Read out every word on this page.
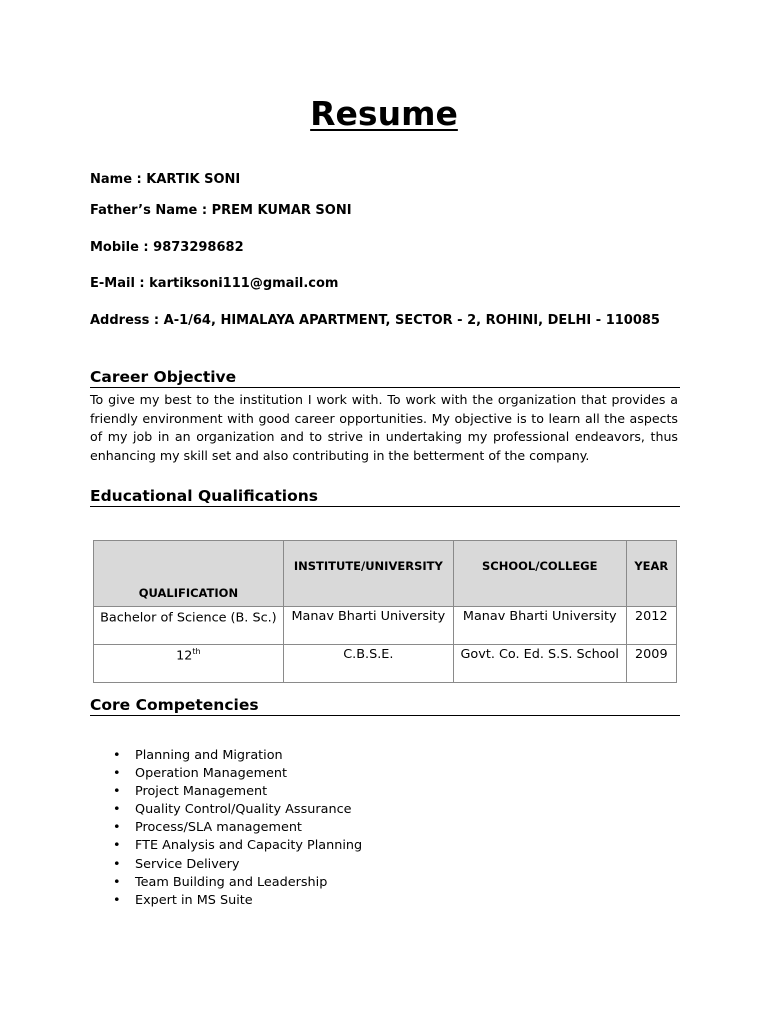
Resume
Name : KARTIK SONI
Father’s Name : PREM KUMAR SONI
Mobile : 9873298682
E-Mail : kartiksoni111@gmail.com
Address : A-1/64, HIMALAYA APARTMENT, SECTOR - 2, ROHINI, DELHI - 110085
Career Objective
To give my best to the institution I work with. To work with the organization that provides a friendly environment with good career opportunities. My objective is to learn all the aspects of my job in an organization and to strive in undertaking my professional endeavors, thus enhancing my skill set and also contributing in the betterment of the company.
Educational Qualifications
QUALIFICATION	INSTITUTE/UNIVERSITY	SCHOOL/COLLEGE	YEAR
Bachelor of Science (B. Sc.)	Manav Bharti University	Manav Bharti University	2012
12th	C.B.S.E.	Govt. Co. Ed. S.S. School	2009
Core Competencies
• Planning and Migration
• Operation Management
• Project Management
• Quality Control/Quality Assurance
• Process/SLA management
• FTE Analysis and Capacity Planning
• Service Delivery
• Team Building and Leadership
• Expert in MS Suite
